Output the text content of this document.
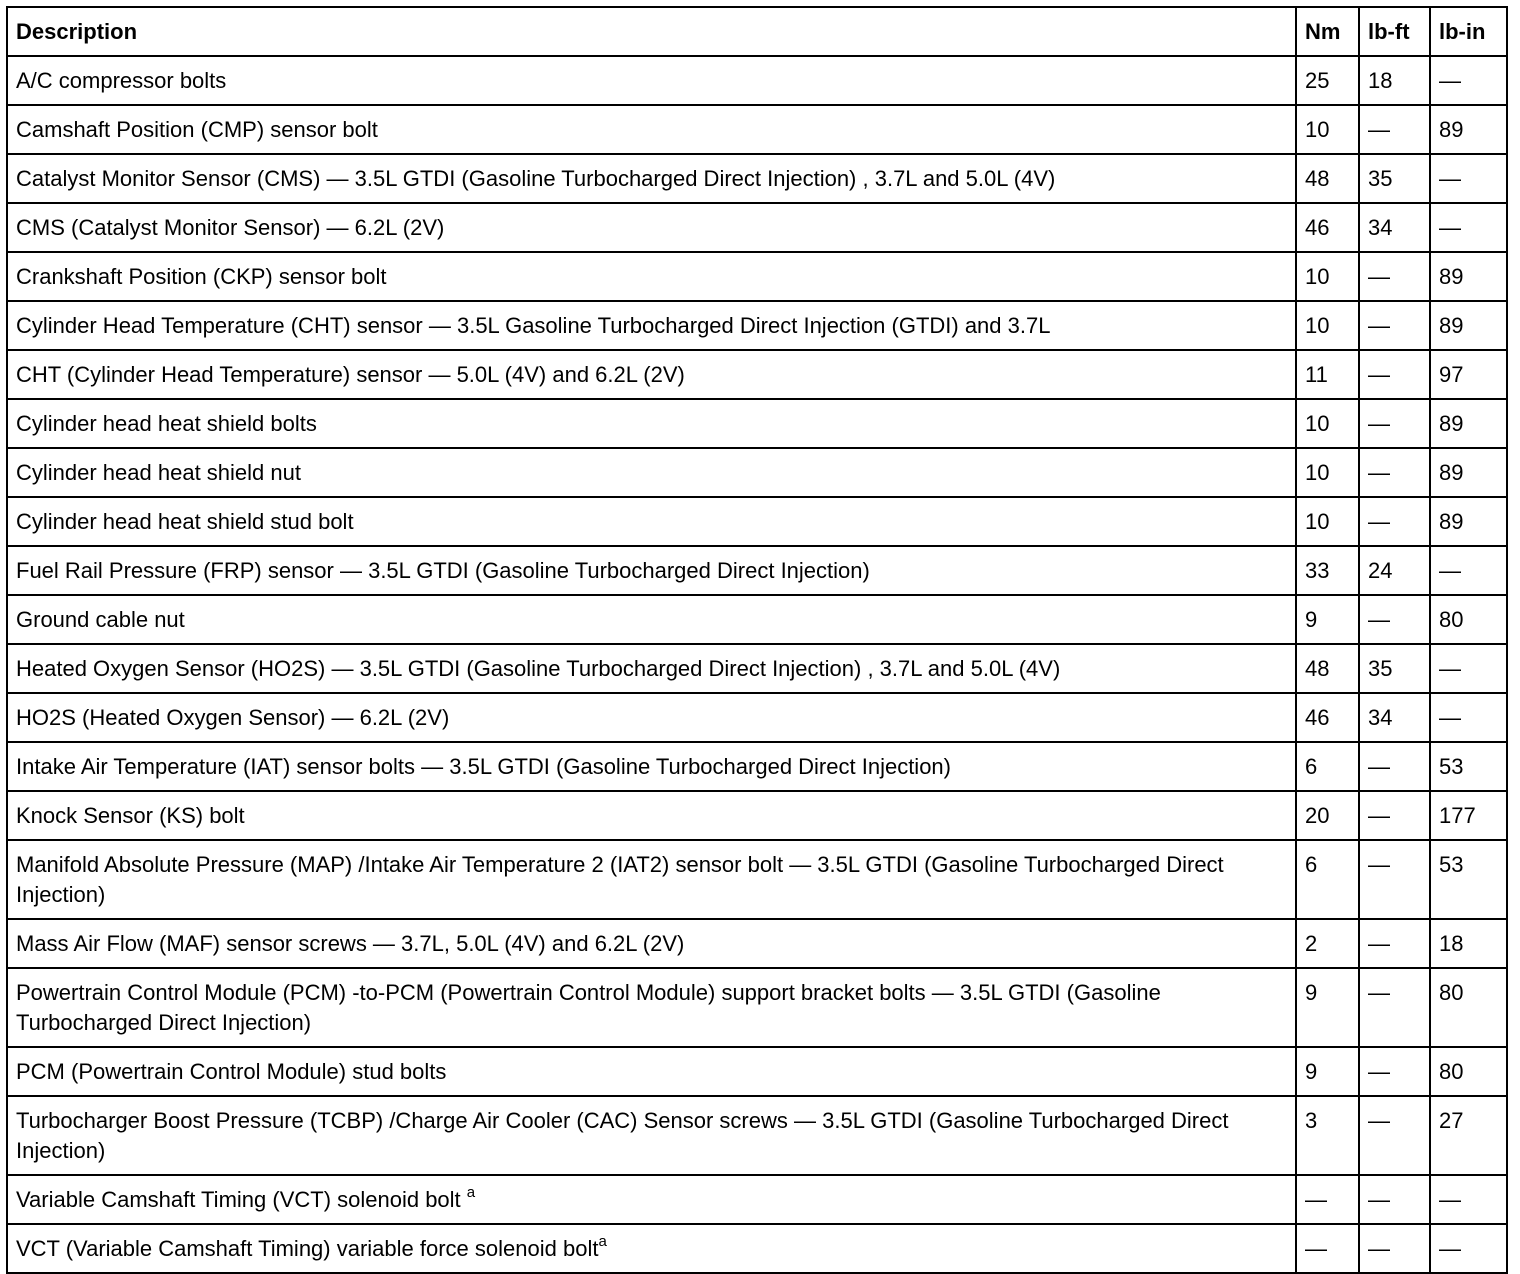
Description	Nm	lb-ft	lb-in
A/C compressor bolts	25	18	—
Camshaft Position (CMP) sensor bolt	10	—	89
Catalyst Monitor Sensor (CMS) — 3.5L GTDI (Gasoline Turbocharged Direct Injection) , 3.7L and 5.0L (4V)	48	35	—
CMS (Catalyst Monitor Sensor) — 6.2L (2V)	46	34	—
Crankshaft Position (CKP) sensor bolt	10	—	89
Cylinder Head Temperature (CHT) sensor — 3.5L Gasoline Turbocharged Direct Injection (GTDI) and 3.7L	10	—	89
CHT (Cylinder Head Temperature) sensor — 5.0L (4V) and 6.2L (2V)	11	—	97
Cylinder head heat shield bolts	10	—	89
Cylinder head heat shield nut	10	—	89
Cylinder head heat shield stud bolt	10	—	89
Fuel Rail Pressure (FRP) sensor — 3.5L GTDI (Gasoline Turbocharged Direct Injection)	33	24	—
Ground cable nut	9	—	80
Heated Oxygen Sensor (HO2S) — 3.5L GTDI (Gasoline Turbocharged Direct Injection) , 3.7L and 5.0L (4V)	48	35	—
HO2S (Heated Oxygen Sensor) — 6.2L (2V)	46	34	—
Intake Air Temperature (IAT) sensor bolts — 3.5L GTDI (Gasoline Turbocharged Direct Injection)	6	—	53
Knock Sensor (KS) bolt	20	—	177
Manifold Absolute Pressure (MAP) /Intake Air Temperature 2 (IAT2) sensor bolt — 3.5L GTDI (Gasoline Turbocharged Direct Injection)	6	—	53
Mass Air Flow (MAF) sensor screws — 3.7L, 5.0L (4V) and 6.2L (2V)	2	—	18
Powertrain Control Module (PCM) -to-PCM (Powertrain Control Module) support bracket bolts — 3.5L GTDI (Gasoline Turbocharged Direct Injection)	9	—	80
PCM (Powertrain Control Module) stud bolts	9	—	80
Turbocharger Boost Pressure (TCBP) /Charge Air Cooler (CAC) Sensor screws — 3.5L GTDI (Gasoline Turbocharged Direct Injection)	3	—	27
Variable Camshaft Timing (VCT) solenoid bolt $^a$	—	—	—
VCT (Variable Camshaft Timing) variable force solenoid bolt$^a$	—	—	—
